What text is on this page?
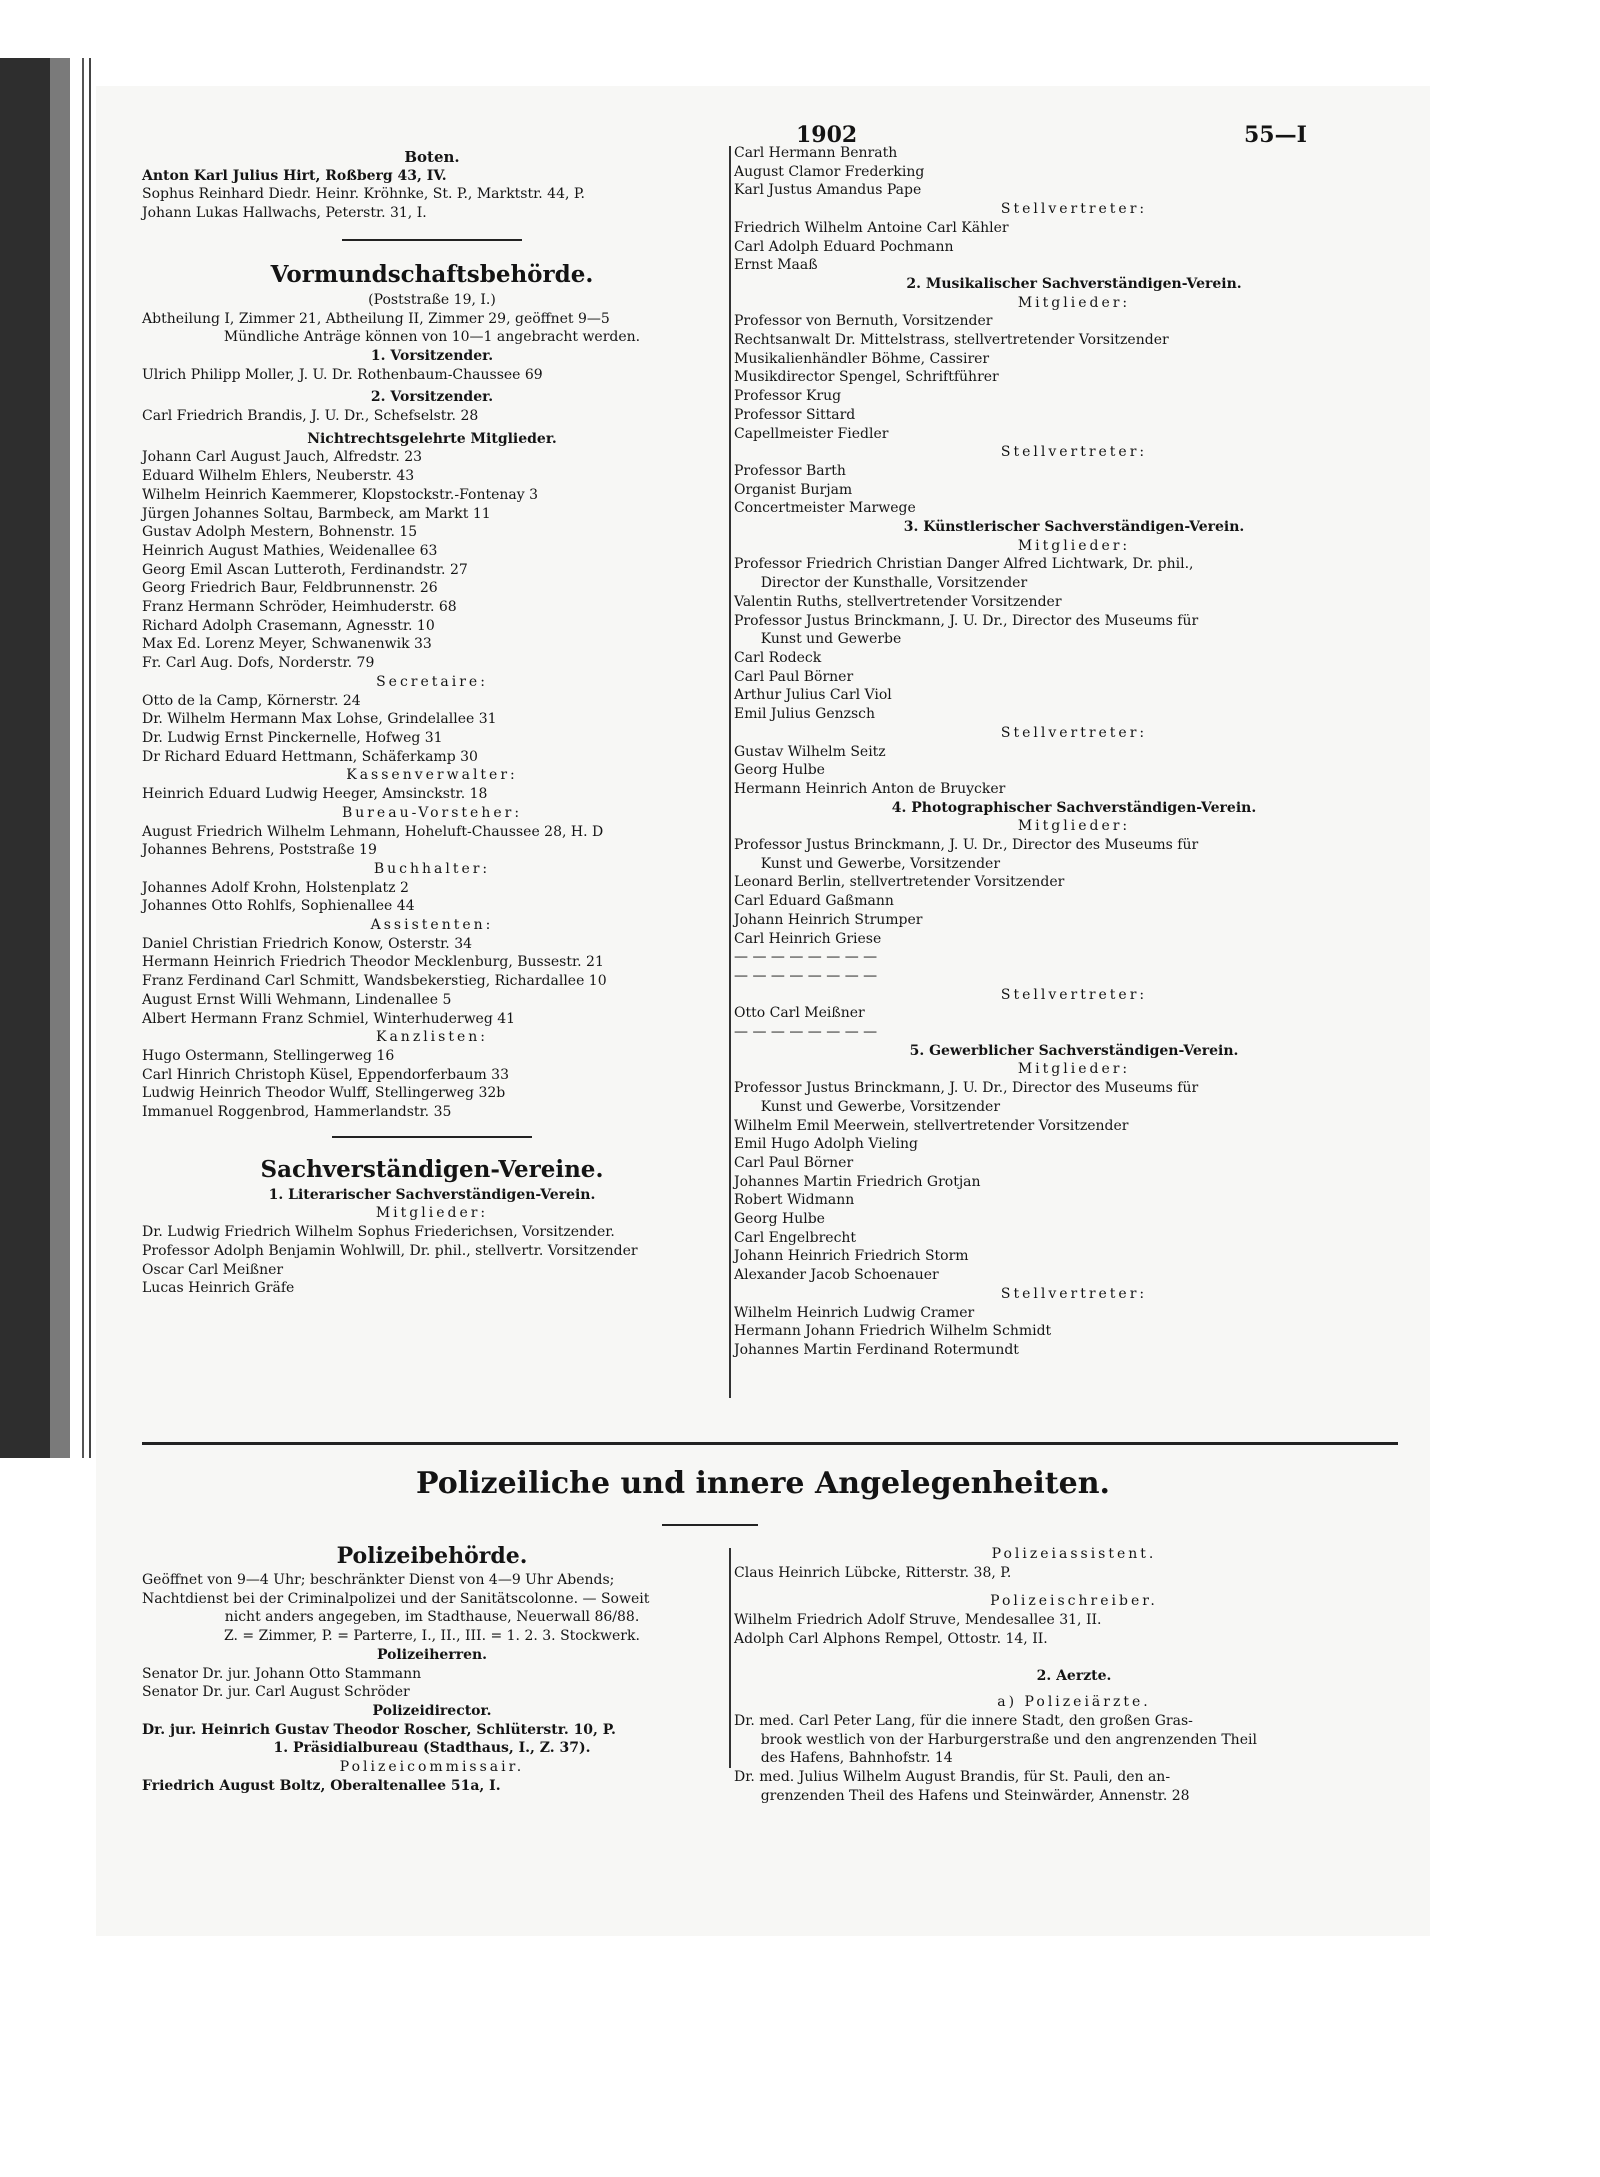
1902	55—I
Boten.
Anton Karl Julius Hirt, Roßberg 43, IV.
Sophus Reinhard Diedr. Heinr. Kröhnke, St. P., Marktstr. 44, P.
Johann Lukas Hallwachs, Peterstr. 31, I.
Vormundschaftsbehörde.
(Poststraße 19, I.)
Abtheilung I, Zimmer 21, Abtheilung II, Zimmer 29, geöffnet 9—5
Mündliche Anträge können von 10—1 angebracht werden.
1. Vorsitzender.
Ulrich Philipp Moller, J. U. Dr. Rothenbaum-Chaussee 69
2. Vorsitzender.
Carl Friedrich Brandis, J. U. Dr., Schefselstr. 28
Nichtrechtsgelehrte Mitglieder.
Johann Carl August Jauch, Alfredstr. 23
Eduard Wilhelm Ehlers, Neuberstr. 43
Wilhelm Heinrich Kaemmerer, Klopstockstr.-Fontenay 3
Jürgen Johannes Soltau, Barmbeck, am Markt 11
Gustav Adolph Mestern, Bohnenstr. 15
Heinrich August Mathies, Weidenallee 63
Georg Emil Ascan Lutteroth, Ferdinandstr. 27
Georg Friedrich Baur, Feldbrunnenstr. 26
Franz Hermann Schröder, Heimhuderstr. 68
Richard Adolph Crasemann, Agnesstr. 10
Max Ed. Lorenz Meyer, Schwanenwik 33
Fr. Carl Aug. Dofs, Norderstr. 79
Secretaire:
Otto de la Camp, Körnerstr. 24
Dr. Wilhelm Hermann Max Lohse, Grindelallee 31
Dr. Ludwig Ernst Pinckernelle, Hofweg 31
Dr Richard Eduard Hettmann, Schäferkamp 30
Kassenverwalter:
Heinrich Eduard Ludwig Heeger, Amsinckstr. 18
Bureau-Vorsteher:
August Friedrich Wilhelm Lehmann, Hoheluft-Chaussee 28, H. D
Johannes Behrens, Poststraße 19
Buchhalter:
Johannes Adolf Krohn, Holstenplatz 2
Johannes Otto Rohlfs, Sophienallee 44
Assistenten:
Daniel Christian Friedrich Konow, Osterstr. 34
Hermann Heinrich Friedrich Theodor Mecklenburg, Bussestr. 21
Franz Ferdinand Carl Schmitt, Wandsbekerstieg, Richardallee 10
August Ernst Willi Wehmann, Lindenallee 5
Albert Hermann Franz Schmiel, Winterhuderweg 41
Kanzlisten:
Hugo Ostermann, Stellingerweg 16
Carl Hinrich Christoph Küsel, Eppendorferbaum 33
Ludwig Heinrich Theodor Wulff, Stellingerweg 32b
Immanuel Roggenbrod, Hammerlandstr. 35
Sachverständigen-Vereine.
1. Literarischer Sachverständigen-Verein.
Mitglieder:
Dr. Ludwig Friedrich Wilhelm Sophus Friederichsen, Vorsitzender.
Professor Adolph Benjamin Wohlwill, Dr. phil., stellvertr. Vorsitzender
Oscar Carl Meißner
Lucas Heinrich Gräfe
Carl Hermann Benrath
August Clamor Frederking
Karl Justus Amandus Pape
Stellvertreter:
Friedrich Wilhelm Antoine Carl Kähler
Carl Adolph Eduard Pochmann
Ernst Maaß
2. Musikalischer Sachverständigen-Verein.
Mitglieder:
Professor von Bernuth, Vorsitzender
Rechtsanwalt Dr. Mittelstrass, stellvertretender Vorsitzender
Musikalienhändler Böhme, Cassirer
Musikdirector Spengel, Schriftführer
Professor Krug
Professor Sittard
Capellmeister Fiedler
Stellvertreter:
Professor Barth
Organist Burjam
Concertmeister Marwege
3. Künstlerischer Sachverständigen-Verein.
Mitglieder:
Professor Friedrich Christian Danger Alfred Lichtwark, Dr. phil.,
Director der Kunsthalle, Vorsitzender
Valentin Ruths, stellvertretender Vorsitzender
Professor Justus Brinckmann, J. U. Dr., Director des Museums für
Kunst und Gewerbe
Carl Rodeck
Carl Paul Börner
Arthur Julius Carl Viol
Emil Julius Genzsch
Stellvertreter:
Gustav Wilhelm Seitz
Georg Hulbe
Hermann Heinrich Anton de Bruycker
4. Photographischer Sachverständigen-Verein.
Mitglieder:
Professor Justus Brinckmann, J. U. Dr., Director des Museums für
Kunst und Gewerbe, Vorsitzender
Leonard Berlin, stellvertretender Vorsitzender
Carl Eduard Gaßmann
Johann Heinrich Strumper
Carl Heinrich Griese
— — — — — — — —
— — — — — — — —
Stellvertreter:
Otto Carl Meißner
— — — — — — — —
5. Gewerblicher Sachverständigen-Verein.
Mitglieder:
Professor Justus Brinckmann, J. U. Dr., Director des Museums für
Kunst und Gewerbe, Vorsitzender
Wilhelm Emil Meerwein, stellvertretender Vorsitzender
Emil Hugo Adolph Vieling
Carl Paul Börner
Johannes Martin Friedrich Grotjan
Robert Widmann
Georg Hulbe
Carl Engelbrecht
Johann Heinrich Friedrich Storm
Alexander Jacob Schoenauer
Stellvertreter:
Wilhelm Heinrich Ludwig Cramer
Hermann Johann Friedrich Wilhelm Schmidt
Johannes Martin Ferdinand Rotermundt
Polizeiliche und innere Angelegenheiten.
Polizeibehörde.
Geöffnet von 9—4 Uhr; beschränkter Dienst von 4—9 Uhr Abends;
Nachtdienst bei der Criminalpolizei und der Sanitätscolonne. — Soweit
nicht anders angegeben, im Stadthause, Neuerwall 86/88.
Z. = Zimmer, P. = Parterre, I., II., III. = 1. 2. 3. Stockwerk.
Polizeiherren.
Senator Dr. jur. Johann Otto Stammann
Senator Dr. jur. Carl August Schröder
Polizeidirector.
Dr. jur. Heinrich Gustav Theodor Roscher, Schlüterstr. 10, P.
1. Präsidialbureau (Stadthaus, I., Z. 37).
Polizeicommissair.
Friedrich August Boltz, Oberaltenallee 51a, I.
Polizeiassistent.
Claus Heinrich Lübcke, Ritterstr. 38, P.
Polizeischreiber.
Wilhelm Friedrich Adolf Struve, Mendesallee 31, II.
Adolph Carl Alphons Rempel, Ottostr. 14, II.
2. Aerzte.
a) Polizeiärzte.
Dr. med. Carl Peter Lang, für die innere Stadt, den großen Gras-
brook westlich von der Harburgerstraße und den angrenzenden Theil
des Hafens, Bahnhofstr. 14
Dr. med. Julius Wilhelm August Brandis, für St. Pauli, den an-
grenzenden Theil des Hafens und Steinwärder, Annenstr. 28
